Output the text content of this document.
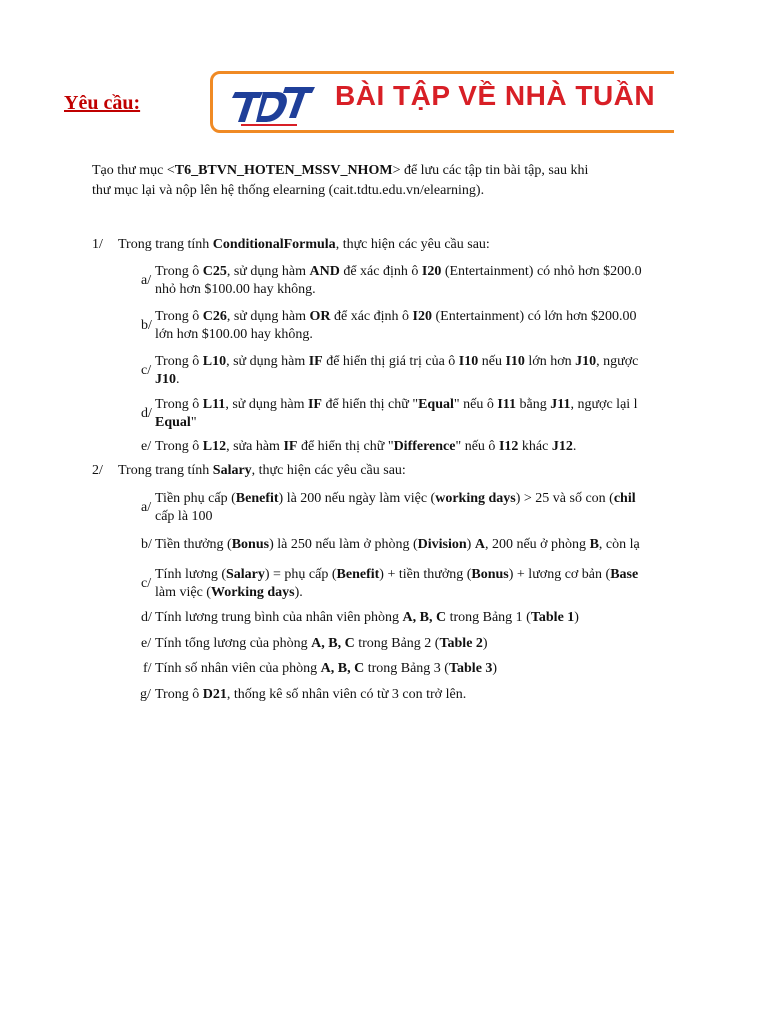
Yêu cầu:	BÀI TẬP VỀ NHÀ TUẦN
Tạo thư mục <T6_BTVN_HOTEN_MSSV_NHOM> để lưu các tập tin bài tập, sau khi
thư mục lại và nộp lên hệ thống elearning (cait.tdtu.edu.vn/elearning).
1/ Trong trang tính ConditionalFormula, thực hiện các yêu cầu sau:
a/
Trong ô C25, sử dụng hàm AND để xác định ô I20 (Entertainment) có nhỏ hơn $200.0
nhỏ hơn $100.00 hay không.
b/
Trong ô C26, sử dụng hàm OR để xác định ô I20 (Entertainment) có lớn hơn $200.00
lớn hơn $100.00 hay không.
c/
Trong ô L10, sử dụng hàm IF để hiển thị giá trị của ô I10 nếu I10 lớn hơn J10, ngược
J10.
d/
Trong ô L11, sử dụng hàm IF để hiển thị chữ "Equal" nếu ô I11 bằng J11, ngược lại l
Equal"
e/ Trong ô L12, sửa hàm IF để hiển thị chữ "Difference" nếu ô I12 khác J12.
2/ Trong trang tính Salary, thực hiện các yêu cầu sau:
a/
Tiền phụ cấp (Benefit) là 200 nếu ngày làm việc (working days) > 25 và số con (chil
cấp là 100
b/ Tiền thưởng (Bonus) là 250 nếu làm ở phòng (Division) A, 200 nếu ở phòng B, còn lạ
c/
Tính lương (Salary) = phụ cấp (Benefit) + tiền thưởng (Bonus) + lương cơ bản (Base
làm việc (Working days).
d/ Tính lương trung bình của nhân viên phòng A, B, C trong Bảng 1 (Table 1)
e/ Tính tổng lương của phòng A, B, C trong Bảng 2 (Table 2)
f/ Tính số nhân viên của phòng A, B, C trong Bảng 3 (Table 3)
g/ Trong ô D21, thống kê số nhân viên có từ 3 con trở lên.
